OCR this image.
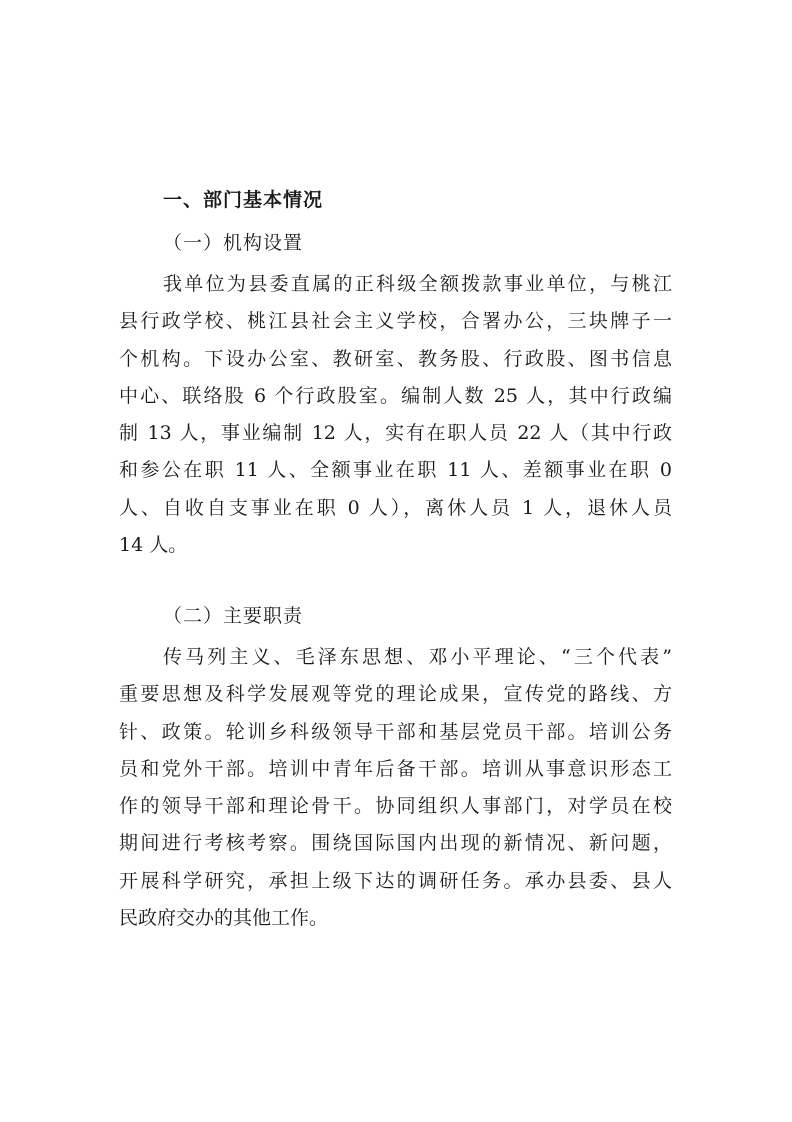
一、部门基本情况
（一）机构设置
我单位为县委直属的正科级全额拨款事业单位，与桃江
县行政学校、桃江县社会主义学校，合署办公，三块牌子一
个机构。下设办公室、教研室、教务股、行政股、图书信息
中心、联络股 6 个行政股室。编制人数 25 人，其中行政编
制 13 人，事业编制 12 人，实有在职人员 22 人（其中行政
和参公在职 11 人、全额事业在职 11 人、差额事业在职 0
人、自收自支事业在职 0 人），离休人员 1 人，退休人员
14 人。
（二）主要职责
传马列主义、毛泽东思想、邓小平理论、“三个代表”
重要思想及科学发展观等党的理论成果，宣传党的路线、方
针、政策。轮训乡科级领导干部和基层党员干部。培训公务
员和党外干部。培训中青年后备干部。培训从事意识形态工
作的领导干部和理论骨干。协同组织人事部门，对学员在校
期间进行考核考察。围绕国际国内出现的新情况、新问题，
开展科学研究，承担上级下达的调研任务。承办县委、县人
民政府交办的其他工作。
